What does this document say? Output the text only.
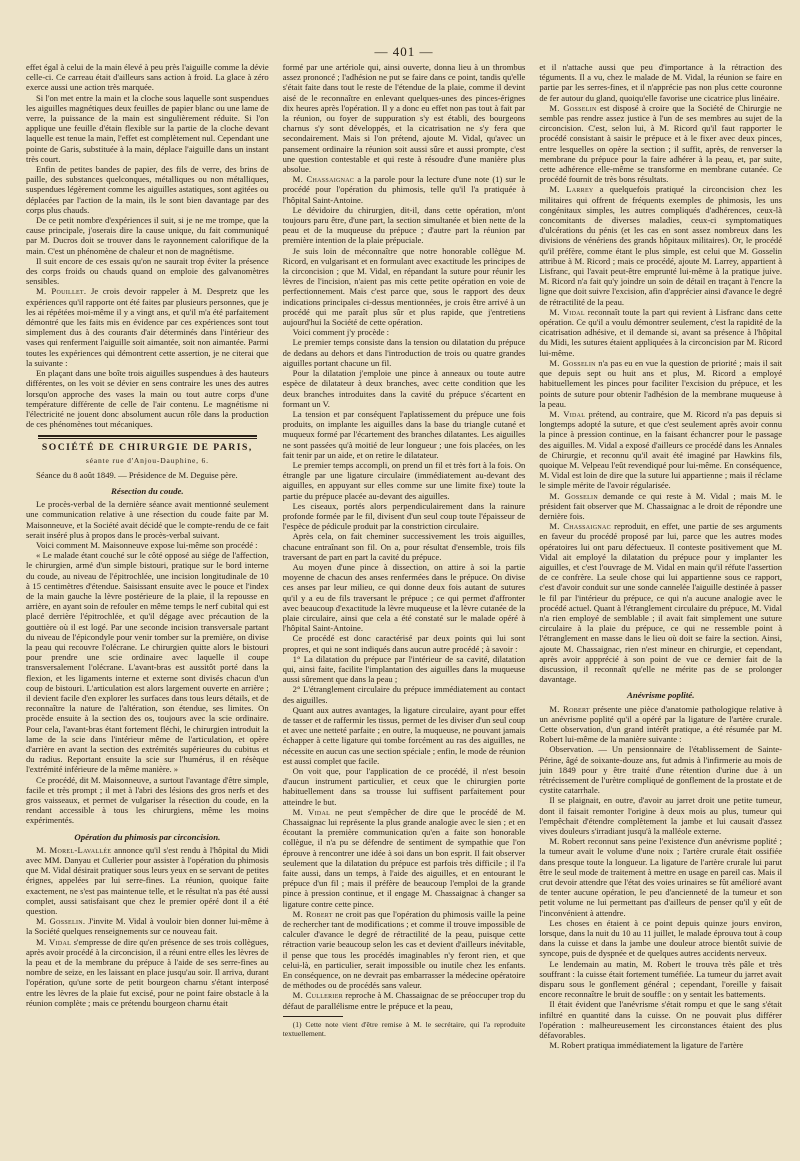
— 401 —

effet égal à celui de la main élevé à peu près l'aiguille comme la dévie celle-ci. Ce carreau était d'ailleurs sans action à froid. La glace à zéro exerce aussi une action très marquée.

Si l'on met entre la main et la cloche sous laquelle sont suspendues les aiguilles magnétiques deux feuilles de papier blanc ou une lame de verre, la puissance de la main est singulièrement réduite. Si l'on applique une feuille d'étain flexible sur la partie de la cloche devant laquelle est tenue la main, l'effet est complètement nul. Cependant une pointe de Garis, substituée à la main, déplace l'aiguille dans un instant très court.

Enfin de petites bandes de papier, des fils de verre, des brins de paille, des substances quelconques, métalliques ou non métalliques, suspendues légèrement comme les aiguilles astatiques, sont agitées ou déplacées par l'action de la main, ils le sont bien davantage par des corps plus chauds.

De ce petit nombre d'expériences il suit, si je ne me trompe, que la cause principale, j'oserais dire la cause unique, du fait communiqué par M. Ducros doit se trouver dans le rayonnement calorifique de la main. C'est un phénomène de chaleur et non de magnétisme.

Il suit encore de ces essais qu'on ne saurait trop éviter la présence des corps froids ou chauds quand on emploie des galvanomètres sensibles.

M. Pouillet. Je crois devoir rappeler à M. Despretz que les expériences qu'il rapporte ont été faites par plusieurs personnes, que je les ai répétées moi-même il y a vingt ans, et qu'il m'a été parfaitement démontré que les faits mis en évidence par ces expériences sont tout simplement dus à des courants d'air déterminés dans l'intérieur des vases qui renferment l'aiguille soit aimantée, soit non aimantée. Parmi toutes les expériences qui démontrent cette assertion, je ne citerai que la suivante :

En plaçant dans une boîte trois aiguilles suspendues à des hauteurs différentes, on les voit se dévier en sens contraire les unes des autres lorsqu'on approche des vases la main ou tout autre corps d'une température différente de celle de l'air contenu. Le magnétisme ni l'électricité ne jouent donc absolument aucun rôle dans la production de ces phénomènes tout mécaniques.

SOCIÉTÉ DE CHIRURGIE DE PARIS,
séante rue d'Anjou-Dauphine, 6.

Séance du 8 août 1849. — Présidence de M. Deguise père.

Résection du coude.

Le procès-verbal de la dernière séance avait mentionné seulement une communication relative à une résection du coude faite par M. Maisonneuve, et la Société avait décidé que le compte-rendu de ce fait serait inséré plus à propos dans le procès-verbal suivant.

Voici comment M. Maisonneuve expose lui-même son procédé :

« Le malade étant couché sur le côté opposé au siége de l'affection, le chirurgien, armé d'un simple bistouri, pratique sur le bord interne du coude, au niveau de l'épitrochlée, une incision longitudinale de 10 à 15 centimètres d'étendue. Saisissant ensuite avec le pouce et l'index de la main gauche la lèvre postérieure de la plaie, il la repousse en arrière, en ayant soin de refouler en même temps le nerf cubital qui est placé derrière l'épitrochlée, et qu'il dégage avec précaution de la gouttière où il est logé. Par une seconde incision transversale partant du niveau de l'épicondyle pour venir tomber sur la première, on divise la peau qui recouvre l'olécrane. Le chirurgien quitte alors le bistouri pour prendre une scie ordinaire avec laquelle il coupe transversalement l'olécrane. L'avant-bras est aussitôt porté dans la flexion, et les ligaments interne et externe sont divisés chacun d'un coup de bistouri. L'articulation est alors largement ouverte en arrière ; il devient facile d'en explorer les surfaces dans tous leurs détails, et de reconnaître la nature de l'altération, son étendue, ses limites. On procède ensuite à la section des os, toujours avec la scie ordinaire. Pour cela, l'avant-bras étant fortement fléchi, le chirurgien introduit la lame de la scie dans l'intérieur même de l'articulation, et opère d'arrière en avant la section des extrémités supérieures du cubitus et du radius. Reportant ensuite la scie sur l'humérus, il en résèque l'extrémité inférieure de la même manière. »

Ce procédé, dit M. Maisonneuve, a surtout l'avantage d'être simple, facile et très prompt ; il met à l'abri des lésions des gros nerfs et des gros vaisseaux, et permet de vulgariser la résection du coude, en la rendant accessible à tous les chirurgiens, même les moins expérimentés.

Opération du phimosis par circoncision.

M. Morel-Lavallée annonce qu'il s'est rendu à l'hôpital du Midi avec MM. Danyau et Cullerier pour assister à l'opération du phimosis que M. Vidal désirait pratiquer sous leurs yeux en se servant de petites érignes, appelées par lui serre-fines. La réunion, quoique faite exactement, ne s'est pas maintenue telle, et le résultat n'a pas été aussi complet, aussi satisfaisant que chez le premier opéré dont il a été question.

M. Gosselin. J'invite M. Vidal à vouloir bien donner lui-même à la Société quelques renseignements sur ce nouveau fait.

M. Vidal s'empresse de dire qu'en présence de ses trois collègues, après avoir procédé à la circoncision, il a réuni entre elles les lèvres de la peau et de la membrane du prépuce à l'aide de ses serre-fines au nombre de seize, en les laissant en place jusqu'au soir. Il arriva, durant l'opération, qu'une sorte de petit bourgeon charnu s'étant interposé entre les lèvres de la plaie fut excisé, pour ne point faire obstacle à la réunion complète ; mais ce prétendu bourgeon charnu était

formé par une artériole qui, ainsi ouverte, donna lieu à un thrombus assez prononcé ; l'adhésion ne put se faire dans ce point, tandis qu'elle s'était faite dans tout le reste de l'étendue de la plaie, comme il devint aisé de le reconnaître en enlevant quelques-unes des pinces-érignes dix heures après l'opération. Il y a donc eu effet non pas tout à fait par la réunion, ou foyer de suppuration s'y est établi, des bourgeons charnus s'y sont développés, et la cicatrisation ne s'y fera que secondairement. Mais si l'on prétend, ajoute M. Vidal, qu'avec un pansement ordinaire la réunion soit aussi sûre et aussi prompte, c'est une question contestable et qui reste à résoudre d'une manière plus absolue.

M. Chassaignac a la parole pour la lecture d'une note (1) sur le procédé pour l'opération du phimosis, telle qu'il l'a pratiquée à l'hôpital Saint-Antoine.

Le dévidoire du chirurgien, dit-il, dans cette opération, m'ont toujours paru être, d'une part, la section simultanée et bien nette de la peau et de la muqueuse du prépuce ; d'autre part la réunion par première intention de la plaie prépuciale.

Je suis loin de méconnaître que notre honorable collègue M. Ricord, en vulgarisant et en formulant avec exactitude les principes de la circoncision ; que M. Vidal, en répandant la suture pour réunir les lèvres de l'incision, n'aient pas mis cette petite opération en voie de perfectionnement. Mais c'est parce que, sous le rapport des deux indications principales ci-dessus mentionnées, je crois être arrivé à un procédé qui me paraît plus sûr et plus rapide, que j'entretiens aujourd'hui la Société de cette opération.

Voici comment j'y procède :

Le premier temps consiste dans la tension ou dilatation du prépuce de dedans au dehors et dans l'introduction de trois ou quatre grandes aiguilles portant chacune un fil.

Pour la dilatation j'emploie une pince à anneaux ou toute autre espèce de dilatateur à deux branches, avec cette condition que les deux branches introduites dans la cavité du prépuce s'écartent en formant un V.

La tension et par conséquent l'aplatissement du prépuce une fois produits, on implante les aiguilles dans la base du triangle cutané et muqueux formé par l'écartement des branches dilatantes. Les aiguilles ne sont passées qu'à moitié de leur longueur ; une fois placées, on les fait tenir par un aide, et on retire le dilatateur.

Le premier temps accompli, on prend un fil et très fort à la fois. On étrangle par une ligature circulaire (immédiatement au-devant des aiguilles, en appuyant sur elles comme sur une limite fixe) toute la partie du prépuce placée au-devant des aiguilles.

Les ciseaux, portés alors perpendiculairement dans la rainure profonde formée par le fil, divisent d'un seul coup toute l'épaisseur de l'espèce de pédicule produit par la constriction circulaire.

Après cela, on fait cheminer successivement les trois aiguilles, chacune entraînant son fil. On a, pour résultat d'ensemble, trois fils traversant de part en part la cavité du prépuce.

Au moyen d'une pince à dissection, on attire à soi la partie moyenne de chacun des anses renfermées dans le prépuce. On divise ces anses par leur milieu, ce qui donne deux fois autant de sutures qu'il y a eu de fils traversant le prépuce ; ce qui permet d'affronter avec beaucoup d'exactitude la lèvre muqueuse et la lèvre cutanée de la plaie circulaire, ainsi que cela a été constaté sur le malade opéré à l'hôpital Saint-Antoine.

Ce procédé est donc caractérisé par deux points qui lui sont propres, et qui ne sont indiqués dans aucun autre procédé ; à savoir :

1° La dilatation du prépuce par l'intérieur de sa cavité, dilatation qui, ainsi faite, facilite l'implantation des aiguilles dans la muqueuse aussi sûrement que dans la peau ;

2° L'étranglement circulaire du prépuce immédiatement au contact des aiguilles.

Quant aux autres avantages, la ligature circulaire, ayant pour effet de tasser et de raffermir les tissus, permet de les diviser d'un seul coup et avec une netteté parfaite ; en outre, la muqueuse, ne pouvant jamais échapper à cette ligature qui tombe forcément au ras des aiguilles, ne nécessite en aucun cas une section spéciale ; enfin, le mode de réunion est aussi complet que facile.

On voit que, pour l'application de ce procédé, il n'est besoin d'aucun instrument particulier, et ceux que le chirurgien porte habituellement dans sa trousse lui suffisent parfaitement pour atteindre le but.

M. Vidal ne peut s'empêcher de dire que le procédé de M. Chassaignac lui représente la plus grande analogie avec le sien ; et en écoutant la première communication qu'en a faite son honorable collègue, il n'a pu se défendre de sentiment de sympathie que l'on éprouve à rencontrer une idée à soi dans un bon esprit. Il fait observer seulement que la dilatation du prépuce est parfois très difficile ; il l'a faite aussi, dans un temps, à l'aide des aiguilles, et en entourant le prépuce d'un fil ; mais il préfère de beaucoup l'emploi de la grande pince à pression continue, et il engage M. Chassaignac à changer sa ligature contre cette pince.

M. Robert ne croit pas que l'opération du phimosis vaille la peine de rechercher tant de modifications ; et comme il trouve impossible de calculer d'avance le degré de rétractilité de la peau, puisque cette rétraction varie beaucoup selon les cas et devient d'ailleurs inévitable, il pense que tous les procédés imaginables n'y feront rien, et que celui-là, en particulier, serait impossible ou inutile chez les enfants. En conséquence, on ne devrait pas embarrasser la médecine opératoire de méthodes ou de procédés sans valeur.

M. Cullerier reproche à M. Chassaignac de se préoccuper trop du défaut de parallélisme entre le prépuce et la peau,

(1) Cette note vient d'être remise à M. le secrétaire, qui l'a reproduite textuellement.

et il n'attache aussi que peu d'importance à la rétraction des téguments. Il a vu, chez le malade de M. Vidal, la réunion se faire en partie par les serres-fines, et il n'apprécie pas non plus cette couronne de fer autour du gland, quoiqu'elle favorise une cicatrice plus linéaire.

M. Gosselin est disposé à croire que la Société de Chirurgie ne semble pas rendre assez justice à l'un de ses membres au sujet de la circoncision. C'est, selon lui, à M. Ricord qu'il faut rapporter le procédé consistant à saisir le prépuce et à le fixer avec deux pinces, entre lesquelles on opère la section ; il suffit, après, de renverser la membrane du prépuce pour la faire adhérer à la peau, et, par suite, cette adhérence elle-même se transforme en membrane cutanée. Ce procédé fournit de très bons résultats.

M. Larrey a quelquefois pratiqué la circoncision chez les militaires qui offrent de fréquents exemples de phimosis, les uns congénitaux simples, les autres compliqués d'adhérences, ceux-là concomitants de diverses maladies, ceux-ci symptomatiques d'ulcérations du pénis (et les cas en sont assez nombreux dans les divisions de vénériens des grands hôpitaux militaires). Or, le procédé qu'il préfère, comme étant le plus simple, est celui que M. Gosselin attribue à M. Ricord ; mais ce procédé, ajoute M. Larrey, appartient à Lisfranc, qui l'avait peut-être emprunté lui-même à la pratique juive. M. Ricord n'a fait qu'y joindre un soin de détail en traçant à l'encre la ligne que doit suivre l'excision, afin d'apprécier ainsi d'avance le degré de rétractilité de la peau.

M. Vidal reconnaît toute la part qui revient à Lisfranc dans cette opération. Ce qu'il a voulu démontrer seulement, c'est la rapidité de la cicatrisation adhésive, et il demande si, avant sa présence à l'hôpital du Midi, les sutures étaient appliquées à la circoncision par M. Ricord lui-même.

M. Gosselin n'a pas eu en vue la question de priorité ; mais il sait que depuis sept ou huit ans et plus, M. Ricord a employé habituellement les pinces pour faciliter l'excision du prépuce, et les points de suture pour obtenir l'adhésion de la membrane muqueuse à la peau.

M. Vidal prétend, au contraire, que M. Ricord n'a pas depuis si longtemps adopté la suture, et que c'est seulement après avoir connu la pince à pression continue, en la faisant échancrer pour le passage des aiguilles. M. Vidal a exposé d'ailleurs ce procédé dans les Annales de Chirurgie, et reconnu qu'il avait été imaginé par Hawkins fils, quoique M. Velpeau l'eût revendiqué pour lui-même. En conséquence, M. Vidal est loin de dire que la suture lui appartienne ; mais il réclame le simple mérite de l'avoir régularisée.

M. Gosselin demande ce qui reste à M. Vidal ; mais M. le président fait observer que M. Chassaignac a le droit de répondre une dernière fois.

M. Chassaignac reproduit, en effet, une partie de ses arguments en faveur du procédé proposé par lui, parce que les autres modes opératoires lui ont paru défectueux. Il conteste positivement que M. Vidal ait employé la dilatation du prépuce pour y implanter les aiguilles, et c'est l'ouvrage de M. Vidal en main qu'il réfute l'assertion de ce confrère. La seule chose qui lui appartienne sous ce rapport, c'est d'avoir conduit sur une sonde cannelée l'aiguille destinée à passer le fil par l'intérieur du prépuce, ce qui n'a aucune analogie avec le procédé actuel. Quant à l'étranglement circulaire du prépuce, M. Vidal n'a rien employé de semblable ; il avait fait simplement une suture circulaire à la plaie du prépuce, ce qui ne ressemble point à l'étranglement en masse dans le lieu où doit se faire la section. Ainsi, ajoute M. Chassaignac, rien n'est mineur en chirurgie, et cependant, après avoir appprécié à son point de vue ce dernier fait de la discussion, il reconnaît qu'elle ne mérite pas de se prolonger davantage.

Anévrisme poplité.

M. Robert présente une pièce d'anatomie pathologique relative à un anévrisme poplité qu'il a opéré par la ligature de l'artère crurale. Cette observation, d'un grand intérêt pratique, a été résumée par M. Robert lui-même de la manière suivante :

Observation. — Un pensionnaire de l'établissement de Sainte-Périne, âgé de soixante-douze ans, fut admis à l'infirmerie au mois de juin 1849 pour y être traité d'une rétention d'urine due à un rétrécissement de l'urètre compliqué de gonflement de la prostate et de cystite catarrhale.

Il se plaignait, en outre, d'avoir au jarret droit une petite tumeur, dont il faisait remonter l'origine à deux mois au plus, tumeur qui l'empêchait d'étendre complètement la jambe et lui causait d'assez vives douleurs s'irradiant jusqu'à la malléole externe.

M. Robert reconnut sans peine l'existence d'un anévrisme poplité ; la tumeur avait le volume d'une noix ; l'artère crurale était ossifiée dans presque toute la longueur. La ligature de l'artère crurale lui parut être le seul mode de traitement à mettre en usage en pareil cas. Mais il crut devoir attendre que l'état des voies urinaires se fût amélioré avant de tenter aucune opération, le peu d'ancienneté de la tumeur et son petit volume ne lui permettant pas d'ailleurs de penser qu'il y eût de l'inconvénient à attendre.

Les choses en étaient à ce point depuis quinze jours environ, lorsque, dans la nuit du 10 au 11 juillet, le malade éprouva tout à coup dans la cuisse et dans la jambe une douleur atroce bientôt suivie de syncope, puis de dyspnée et de quelques autres accidents nerveux.

Le lendemain au matin, M. Robert le trouva très pâle et très souffrant : la cuisse était fortement tuméfiée. La tumeur du jarret avait disparu sous le gonflement général ; cependant, l'oreille y faisait encore reconnaître le bruit de souffle : on y sentait les battements.

Il était évident que l'anévrisme s'était rompu et que le sang s'était infiltré en quantité dans la cuisse. On ne pouvait plus différer l'opération : malheureusement les circonstances étaient des plus défavorables.

M. Robert pratiqua immédiatement la ligature de l'artère
